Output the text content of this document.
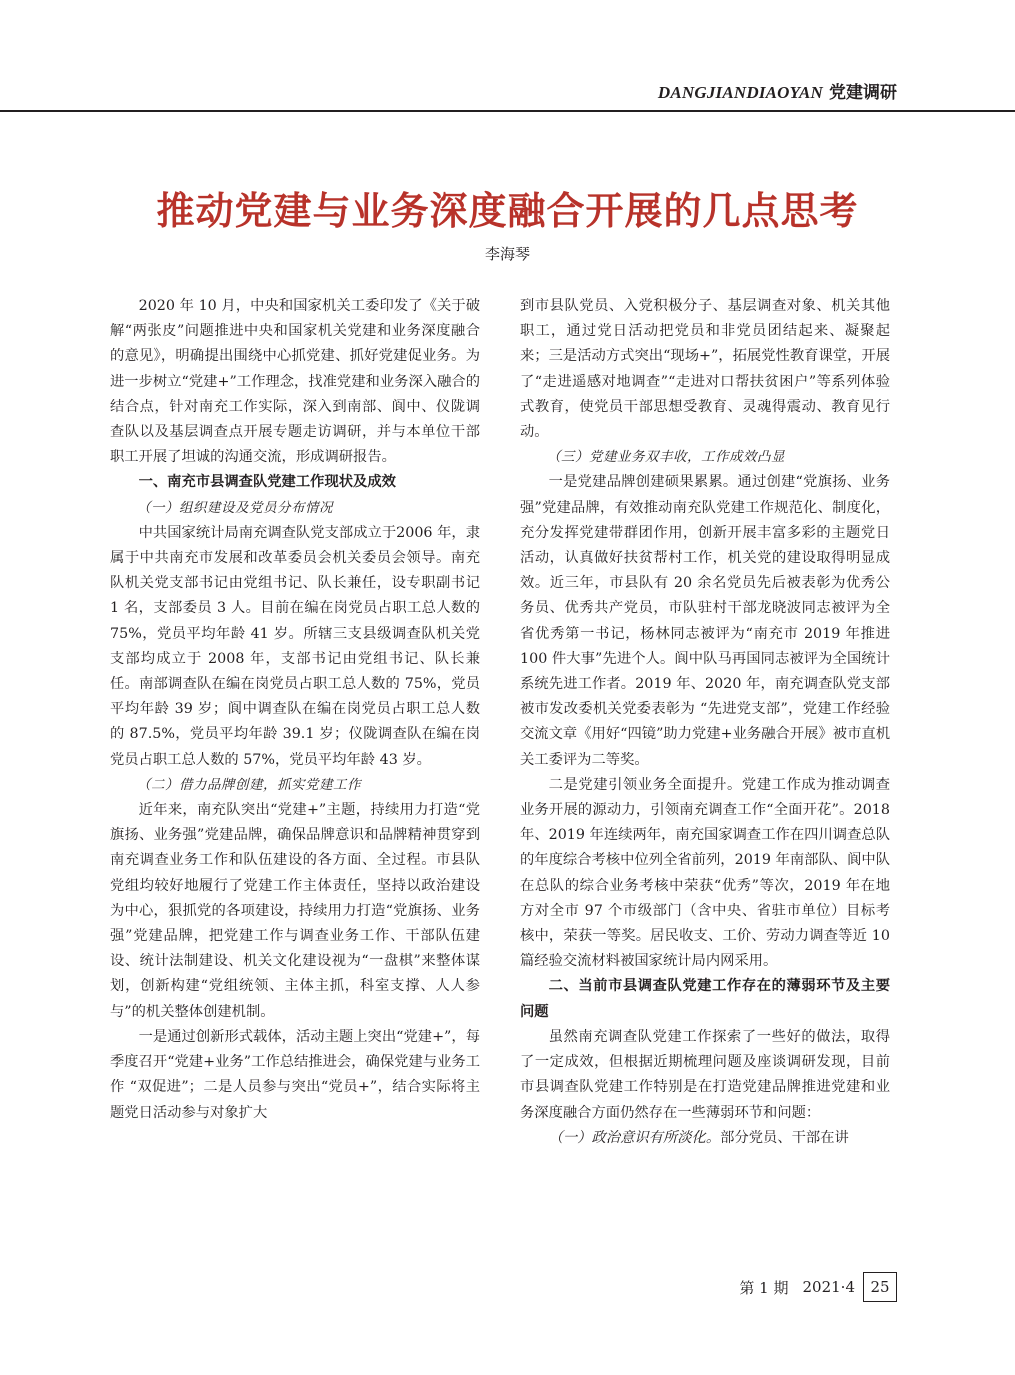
DANGJIANDIAOYAN 党建调研
推动党建与业务深度融合开展的几点思考
李海琴

2020 年 10 月，中央和国家机关工委印发了《关于破解“两张皮”问题推进中央和国家机关党建和业务深度融合的意见》，明确提出围绕中心抓党建、抓好党建促业务。为进一步树立“党建+”工作理念，找准党建和业务深入融合的结合点，针对南充工作实际，深入到南部、阆中、仪陇调查队以及基层调查点开展专题走访调研，并与本单位干部职工开展了坦诚的沟通交流，形成调研报告。

一、南充市县调查队党建工作现状及成效
（一）组织建设及党员分布情况

中共国家统计局南充调查队党支部成立于2006 年，隶属于中共南充市发展和改革委员会机关委员会领导。南充队机关党支部书记由党组书记、队长兼任，设专职副书记 1 名，支部委员 3 人。目前在编在岗党员占职工总人数的 75%，党员平均年龄 41 岁。所辖三支县级调查队机关党支部均成立于 2008 年，支部书记由党组书记、队长兼任。南部调查队在编在岗党员占职工总人数的 75%，党员平均年龄 39 岁；阆中调查队在编在岗党员占职工总人数的 87.5%，党员平均年龄 39.1 岁；仪陇调查队在编在岗党员占职工总人数的 57%，党员平均年龄 43 岁。

（二）借力品牌创建，抓实党建工作

近年来，南充队突出“党建+”主题，持续用力打造“党旗扬、业务强”党建品牌，确保品牌意识和品牌精神贯穿到南充调查业务工作和队伍建设的各方面、全过程。市县队党组均较好地履行了党建工作主体责任，坚持以政治建设为中心，狠抓党的各项建设，持续用力打造“党旗扬、业务强”党建品牌，把党建工作与调查业务工作、干部队伍建设、统计法制建设、机关文化建设视为“一盘棋”来整体谋划，创新构建“党组统领、主体主抓，科室支撑、人人参与”的机关整体创建机制。

一是通过创新形式载体，活动主题上突出“党建+”，每季度召开“党建+业务”工作总结推进会，确保党建与业务工作 “双促进”；二是人员参与突出“党员+”，结合实际将主题党日活动参与对象扩大

到市县队党员、入党积极分子、基层调查对象、机关其他职工，通过党日活动把党员和非党员团结起来、凝聚起来；三是活动方式突出“现场+”，拓展党性教育课堂，开展了“走进遥感对地调查”“走进对口帮扶贫困户”等系列体验式教育，使党员干部思想受教育、灵魂得震动、教育见行动。

（三）党建业务双丰收，工作成效凸显

一是党建品牌创建硕果累累。通过创建“党旗扬、业务强”党建品牌，有效推动南充队党建工作规范化、制度化，充分发挥党建带群团作用，创新开展丰富多彩的主题党日活动，认真做好扶贫帮村工作，机关党的建设取得明显成效。近三年，市县队有 20 余名党员先后被表彰为优秀公务员、优秀共产党员，市队驻村干部龙晓波同志被评为全省优秀第一书记，杨林同志被评为“南充市 2019 年推进 100 件大事”先进个人。阆中队马再国同志被评为全国统计系统先进工作者。2019 年、2020 年，南充调查队党支部被市发改委机关党委表彰为 “先进党支部”，党建工作经验交流文章《用好“四镜”助力党建+业务融合开展》被市直机关工委评为二等奖。

二是党建引领业务全面提升。党建工作成为推动调查业务开展的源动力，引领南充调查工作“全面开花”。2018 年、2019 年连续两年，南充国家调查工作在四川调查总队的年度综合考核中位列全省前列，2019 年南部队、阆中队在总队的综合业务考核中荣获“优秀”等次，2019 年在地方对全市 97 个市级部门（含中央、省驻市单位）目标考核中，荣获一等奖。居民收支、工价、劳动力调查等近 10 篇经验交流材料被国家统计局内网采用。

二、当前市县调查队党建工作存在的薄弱环节及主要问题

虽然南充调查队党建工作探索了一些好的做法，取得了一定成效，但根据近期梳理问题及座谈调研发现，目前市县调查队党建工作特别是在打造党建品牌推进党建和业务深度融合方面仍然存在一些薄弱环节和问题：

（一）政治意识有所淡化。部分党员、干部在讲

第 1 期 2021·4	25
